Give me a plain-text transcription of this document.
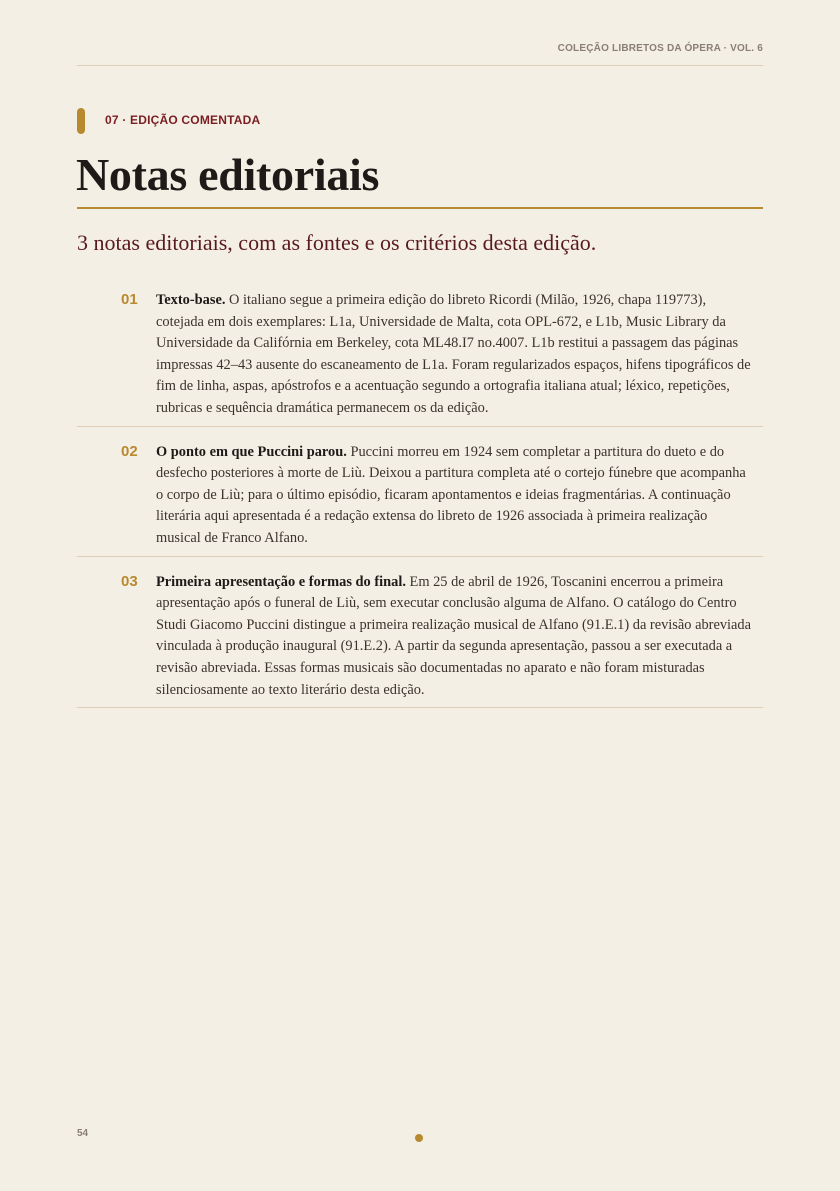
COLEÇÃO LIBRETOS DA ÓPERA · VOL. 6
07 · EDIÇÃO COMENTADA
Notas editoriais

3 notas editoriais, com as fontes e os critérios desta edição.

01 Texto-base. O italiano segue a primeira edição do libreto Ricordi (Milão, 1926, chapa 119773), cotejada em dois exemplares: L1a, Universidade de Malta, cota OPL-672, e L1b, Music Library da Universidade da Califórnia em Berkeley, cota ML48.I7 no.4007. L1b restitui a passagem das páginas impressas 42–43 ausente do escaneamento de L1a. Foram regularizados espaços, hifens tipográficos de fim de linha, aspas, apóstrofos e a acentuação segundo a ortografia italiana atual; léxico, repetições, rubricas e sequência dramática permanecem os da edição.
02 O ponto em que Puccini parou. Puccini morreu em 1924 sem completar a partitura do dueto e do desfecho posteriores à morte de Liù. Deixou a partitura completa até o cortejo fúnebre que acompanha o corpo de Liù; para o último episódio, ficaram apontamentos e ideias fragmentárias. A continuação literária aqui apresentada é a redação extensa do libreto de 1926 associada à primeira realização musical de Franco Alfano.
03 Primeira apresentação e formas do final. Em 25 de abril de 1926, Toscanini encerrou a primeira apresentação após o funeral de Liù, sem executar conclusão alguma de Alfano. O catálogo do Centro Studi Giacomo Puccini distingue a primeira realização musical de Alfano (91.E.1) da revisão abreviada vinculada à produção inaugural (91.E.2). A partir da segunda apresentação, passou a ser executada a revisão abreviada. Essas formas musicais são documentadas no aparato e não foram misturadas silenciosamente ao texto literário desta edição.
54
